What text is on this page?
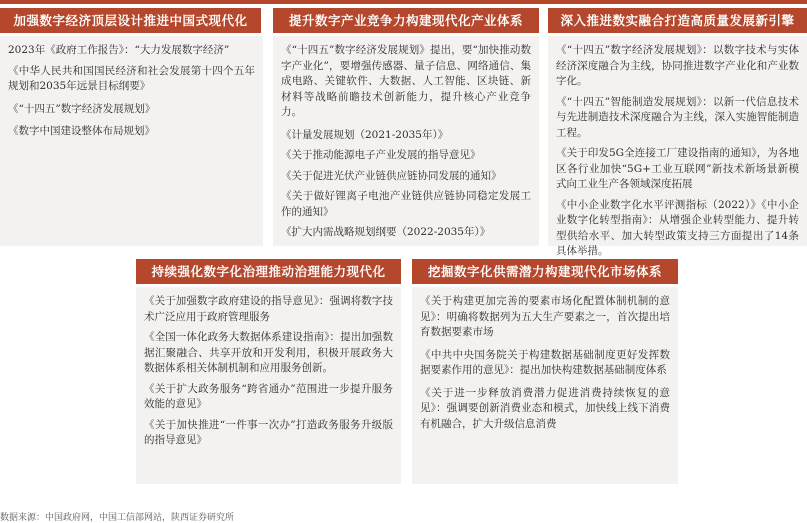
加强数字经济顶层设计推进中国式现代化

2023年《政府工作报告》：“大力发展数字经济”

《中华人民共和国国民经济和社会发展第十四个五年规划和2035年远景目标纲要》

《“十四五”数字经济发展规划》

《数字中国建设整体布局规划》

提升数字产业竞争力构建现代化产业体系

《“十四五”数字经济发展规划》提出，要“加快推动数字产业化”，要增强传感器、量子信息、网络通信、集成电路、关键软件、大数据、人工智能、区块链、新材料等战略前瞻技术创新能力，提升核心产业竞争力。

《计量发展规划（2021-2035年）》

《关于推动能源电子产业发展的指导意见》

《关于促进光伏产业链供应链协同发展的通知》

《关于做好锂离子电池产业链供应链协同稳定发展工作的通知》

《扩大内需战略规划纲要（2022-2035年）》

深入推进数实融合打造高质量发展新引擎

《“十四五”数字经济发展规划》：以数字技术与实体经济深度融合为主线，协同推进数字产业化和产业数字化。

《“十四五”智能制造发展规划》：以新一代信息技术与先进制造技术深度融合为主线，深入实施智能制造工程。

《关于印发5G全连接工厂建设指南的通知》，为各地区各行业加快“5G+工业互联网”新技术新场景新模式向工业生产各领域深度拓展

《中小企业数字化水平评测指标（2022）》《中小企业数字化转型指南》：从增强企业转型能力、提升转型供给水平、加大转型政策支持三方面提出了14条具体举措。

持续强化数字化治理推动治理能力现代化

《关于加强数字政府建设的指导意见》：强调将数字技术广泛应用于政府管理服务

《全国一体化政务大数据体系建设指南》：提出加强数据汇聚融合、共享开放和开发利用，积极开展政务大数据体系相关体制机制和应用服务创新。

《关于扩大政务服务“跨省通办”范围进一步提升服务效能的意见》

《关于加快推进“一件事一次办”打造政务服务升级版的指导意见》

挖掘数字化供需潜力构建现代化市场体系

《关于构建更加完善的要素市场化配置体制机制的意见》：明确将数据列为五大生产要素之一，首次提出培育数据要素市场

《中共中央国务院关于构建数据基础制度更好发挥数据要素作用的意见》：提出加快构建数据基础制度体系

《关于进一步释放消费潜力促进消费持续恢复的意见》：强调要创新消费业态和模式，加快线上线下消费有机融合，扩大升级信息消费

数据来源：中国政府网，中国工信部网站，陕西证券研究所
